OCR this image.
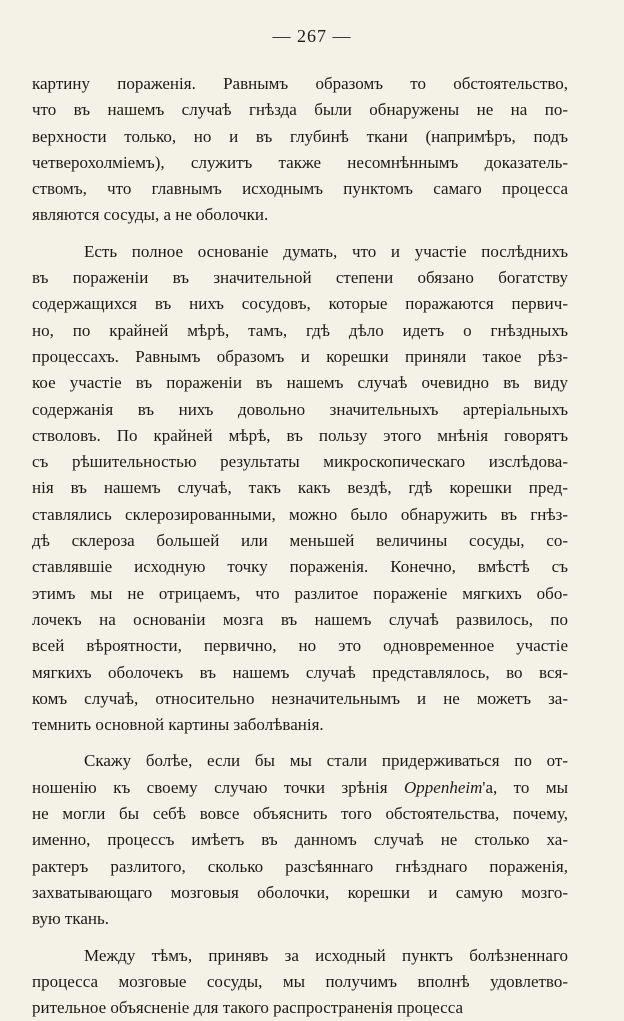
— 267 —
картину пораженія. Равнымъ образомъ то обстоятельство,
что въ нашемъ случаѣ гнѣзда были обнаружены не на по-
верхности только, но и въ глубинѣ ткани (напримѣръ, подъ
четверохолміемъ), служитъ также несомнѣннымъ доказатель-
ствомъ, что главнымъ исходнымъ пунктомъ самаго процесса
являются сосуды, а не оболочки.
Есть полное основаніе думать, что и участіе послѣднихъ
въ пораженіи въ значительной степени обязано богатству
содержащихся въ нихъ сосудовъ, которые поражаются первич-
но, по крайней мѣрѣ, тамъ, гдѣ дѣло идетъ о гнѣздныхъ
процессахъ. Равнымъ образомъ и корешки приняли такое рѣз-
кое участіе въ пораженіи въ нашемъ случаѣ очевидно въ виду
содержанія въ нихъ довольно значительныхъ артеріальныхъ
стволовъ. По крайней мѣрѣ, въ пользу этого мнѣнія говорятъ
съ рѣшительностью результаты микроскопическаго изслѣдова-
нія въ нашемъ случаѣ, такъ какъ вездѣ, гдѣ корешки пред-
ставлялись склерозированными, можно было обнаружить въ гнѣз-
дѣ склероза большей или меньшей величины сосуды, со-
ставлявшіе исходную точку пораженія. Конечно, вмѣстѣ съ
этимъ мы не отрицаемъ, что разлитое пораженіе мягкихъ обо-
лочекъ на основаніи мозга въ нашемъ случаѣ развилось, по
всей вѣроятности, первично, но это одновременное участіе
мягкихъ оболочекъ въ нашемъ случаѣ представлялось, во вся-
комъ случаѣ, относительно незначительнымъ и не можетъ за-
темнить основной картины заболѣванія.
Скажу болѣе, если бы мы стали придерживаться по от-
ношенію къ своему случаю точки зрѣнія Oppenheim'а, то мы
не могли бы себѣ вовсе объяснить того обстоятельства, почему,
именно, процессъ имѣетъ въ данномъ случаѣ не столько ха-
рактеръ разлитого, сколько разсѣяннаго гнѣзднаго пораженія,
захватывающаго мозговыя оболочки, корешки и самую мозго-
вую ткань.
Между тѣмъ, принявъ за исходный пунктъ болѣзненнаго
процесса мозговые сосуды, мы получимъ вполнѣ удовлетво-
рительное объясненіе для такого распространенія процесса
